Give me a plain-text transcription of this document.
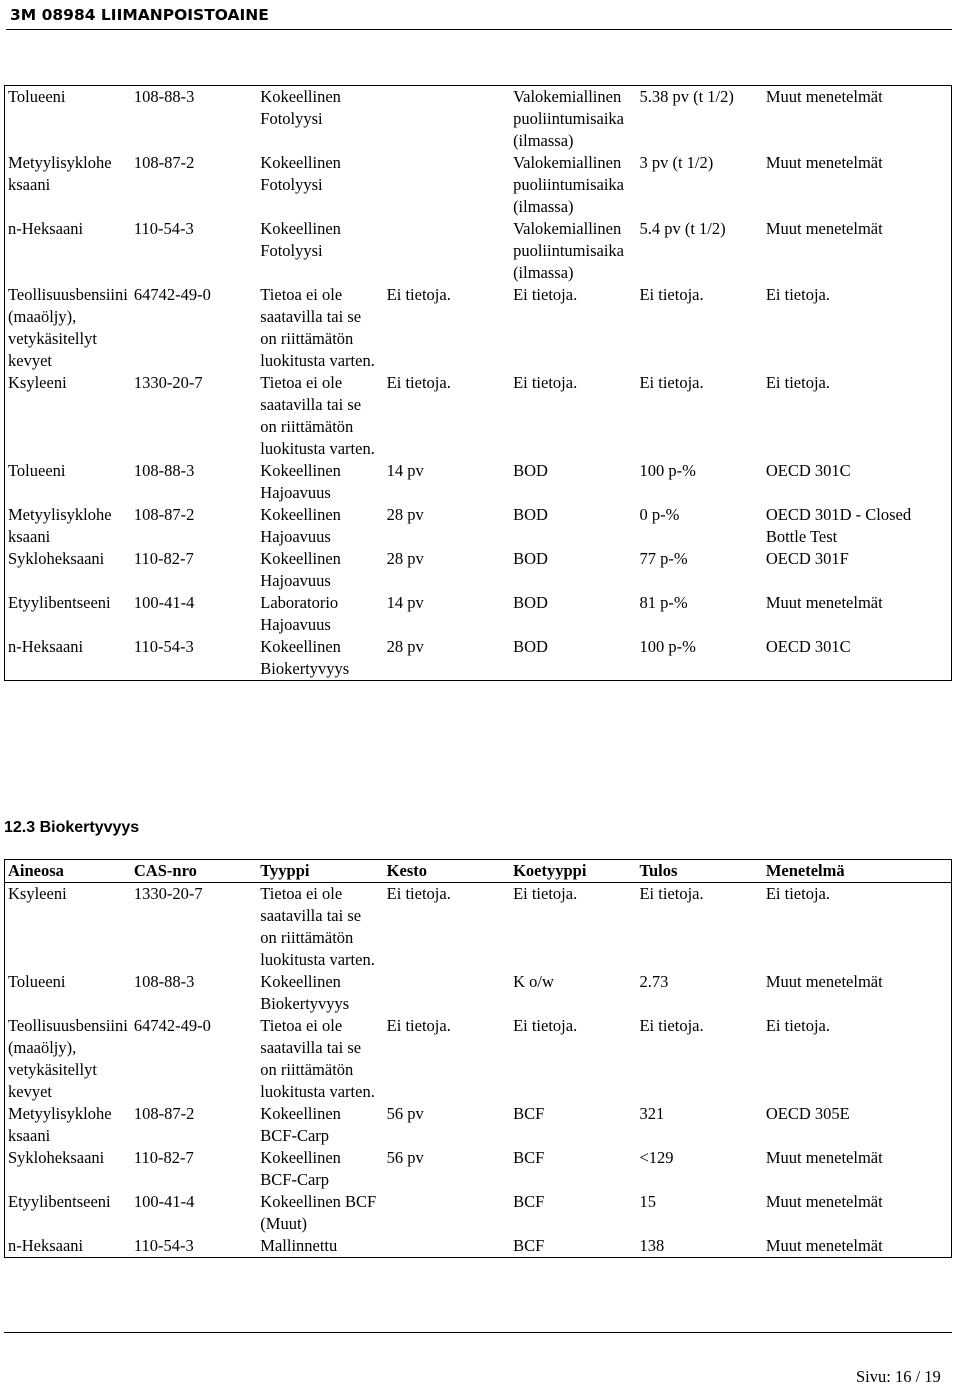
3M 08984 LIIMANPOISTOAINE
Tolueeni	108-88-3	Kokeellinen Fotolyysi		Valokemiallinen puoliintumisaika (ilmassa)	5.38 pv (t 1/2)	Muut menetelmät
Metyylisyklohe ksaani	108-87-2	Kokeellinen Fotolyysi		Valokemiallinen puoliintumisaika (ilmassa)	3 pv (t 1/2)	Muut menetelmät
n-Heksaani	110-54-3	Kokeellinen Fotolyysi		Valokemiallinen puoliintumisaika (ilmassa)	5.4 pv (t 1/2)	Muut menetelmät
Teollisuusbensiini (maaöljy), vetykäsitellyt kevyet	64742-49-0	Tietoa ei ole saatavilla tai se on riittämätön luokitusta varten.	Ei tietoja.	Ei tietoja.	Ei tietoja.	Ei tietoja.
Ksyleeni	1330-20-7	Tietoa ei ole saatavilla tai se on riittämätön luokitusta varten.	Ei tietoja.	Ei tietoja.	Ei tietoja.	Ei tietoja.
Tolueeni	108-88-3	Kokeellinen Hajoavuus	14 pv	BOD	100 p-%	OECD 301C
Metyylisyklohe ksaani	108-87-2	Kokeellinen Hajoavuus	28 pv	BOD	0 p-%	OECD 301D - Closed Bottle Test
Sykloheksaani	110-82-7	Kokeellinen Hajoavuus	28 pv	BOD	77 p-%	OECD 301F
Etyylibentseeni	100-41-4	Laboratorio Hajoavuus	14 pv	BOD	81 p-%	Muut menetelmät
n-Heksaani	110-54-3	Kokeellinen Biokertyvyys	28 pv	BOD	100 p-%	OECD 301C
12.3 Biokertyvyys
Aineosa	CAS-nro	Tyyppi	Kesto	Koetyyppi	Tulos	Menetelmä
Ksyleeni	1330-20-7	Tietoa ei ole saatavilla tai se on riittämätön luokitusta varten.	Ei tietoja.	Ei tietoja.	Ei tietoja.	Ei tietoja.
Tolueeni	108-88-3	Kokeellinen Biokertyvyys		K o/w	2.73	Muut menetelmät
Teollisuusbensiini (maaöljy), vetykäsitellyt kevyet	64742-49-0	Tietoa ei ole saatavilla tai se on riittämätön luokitusta varten.	Ei tietoja.	Ei tietoja.	Ei tietoja.	Ei tietoja.
Metyylisyklohe ksaani	108-87-2	Kokeellinen BCF-Carp	56 pv	BCF	321	OECD 305E
Sykloheksaani	110-82-7	Kokeellinen BCF-Carp	56 pv	BCF	<129	Muut menetelmät
Etyylibentseeni	100-41-4	Kokeellinen BCF (Muut)		BCF	15	Muut menetelmät
n-Heksaani	110-54-3	Mallinnettu		BCF	138	Muut menetelmät
Sivu: 16 / 19
